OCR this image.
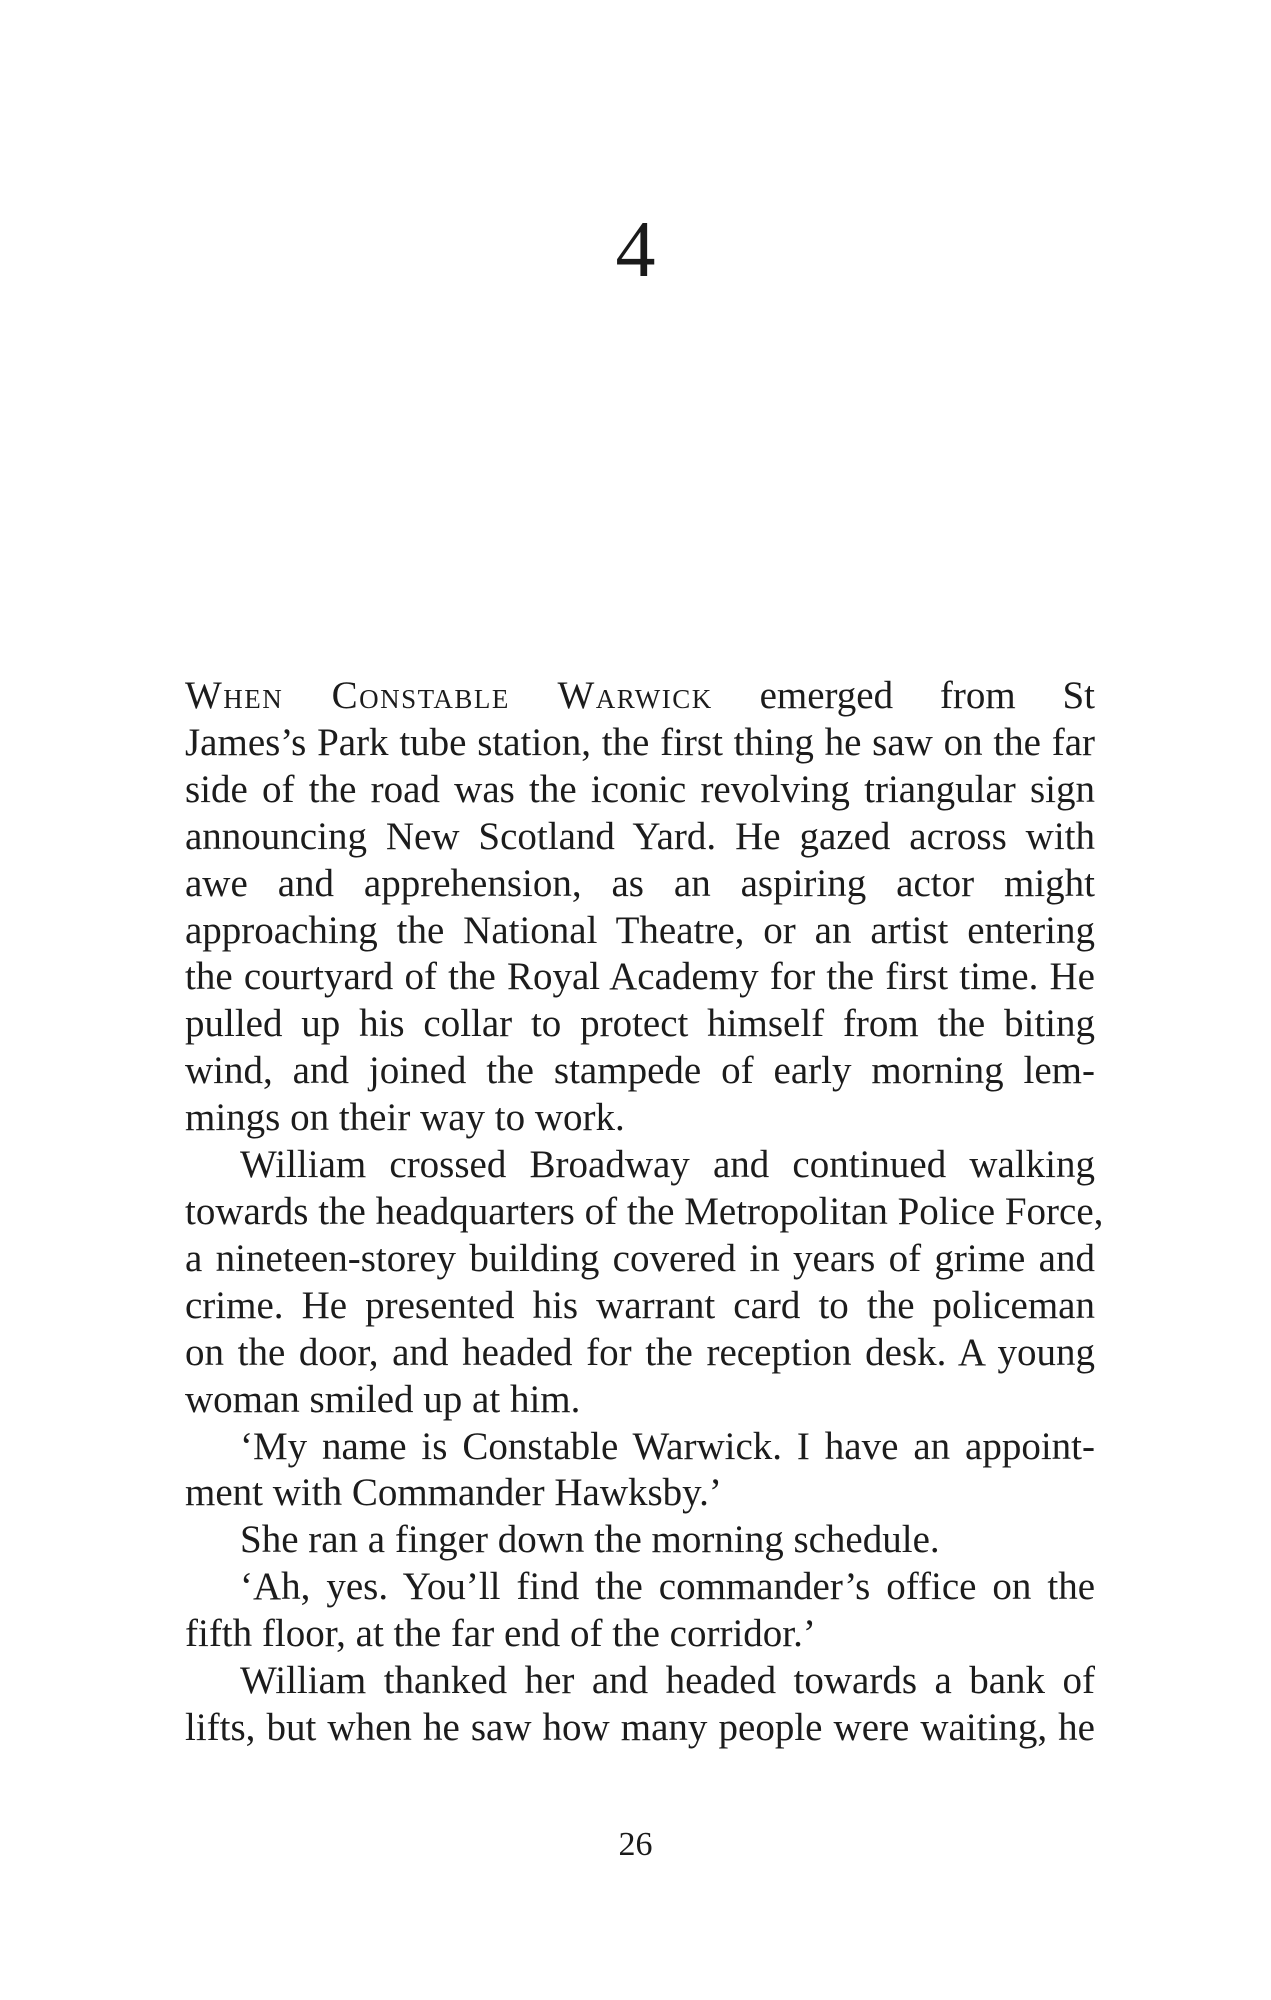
4

When Constable Warwick emerged from St
James’s Park tube station, the first thing he saw on the far
side of the road was the iconic revolving triangular sign
announcing New Scotland Yard. He gazed across with
awe and apprehension, as an aspiring actor might
approaching the National Theatre, or an artist entering
the courtyard of the Royal Academy for the first time. He
pulled up his collar to protect himself from the biting
wind, and joined the stampede of early morning lem-
mings on their way to work.

William crossed Broadway and continued walking
towards the headquarters of the Metropolitan Police Force,
a nineteen-storey building covered in years of grime and
crime. He presented his warrant card to the policeman
on the door, and headed for the reception desk. A young
woman smiled up at him.

‘My name is Constable Warwick. I have an appoint-
ment with Commander Hawksby.’

She ran a finger down the morning schedule.

‘Ah, yes. You’ll find the commander’s office on the
fifth floor, at the far end of the corridor.’

William thanked her and headed towards a bank of
lifts, but when he saw how many people were waiting, he

26
